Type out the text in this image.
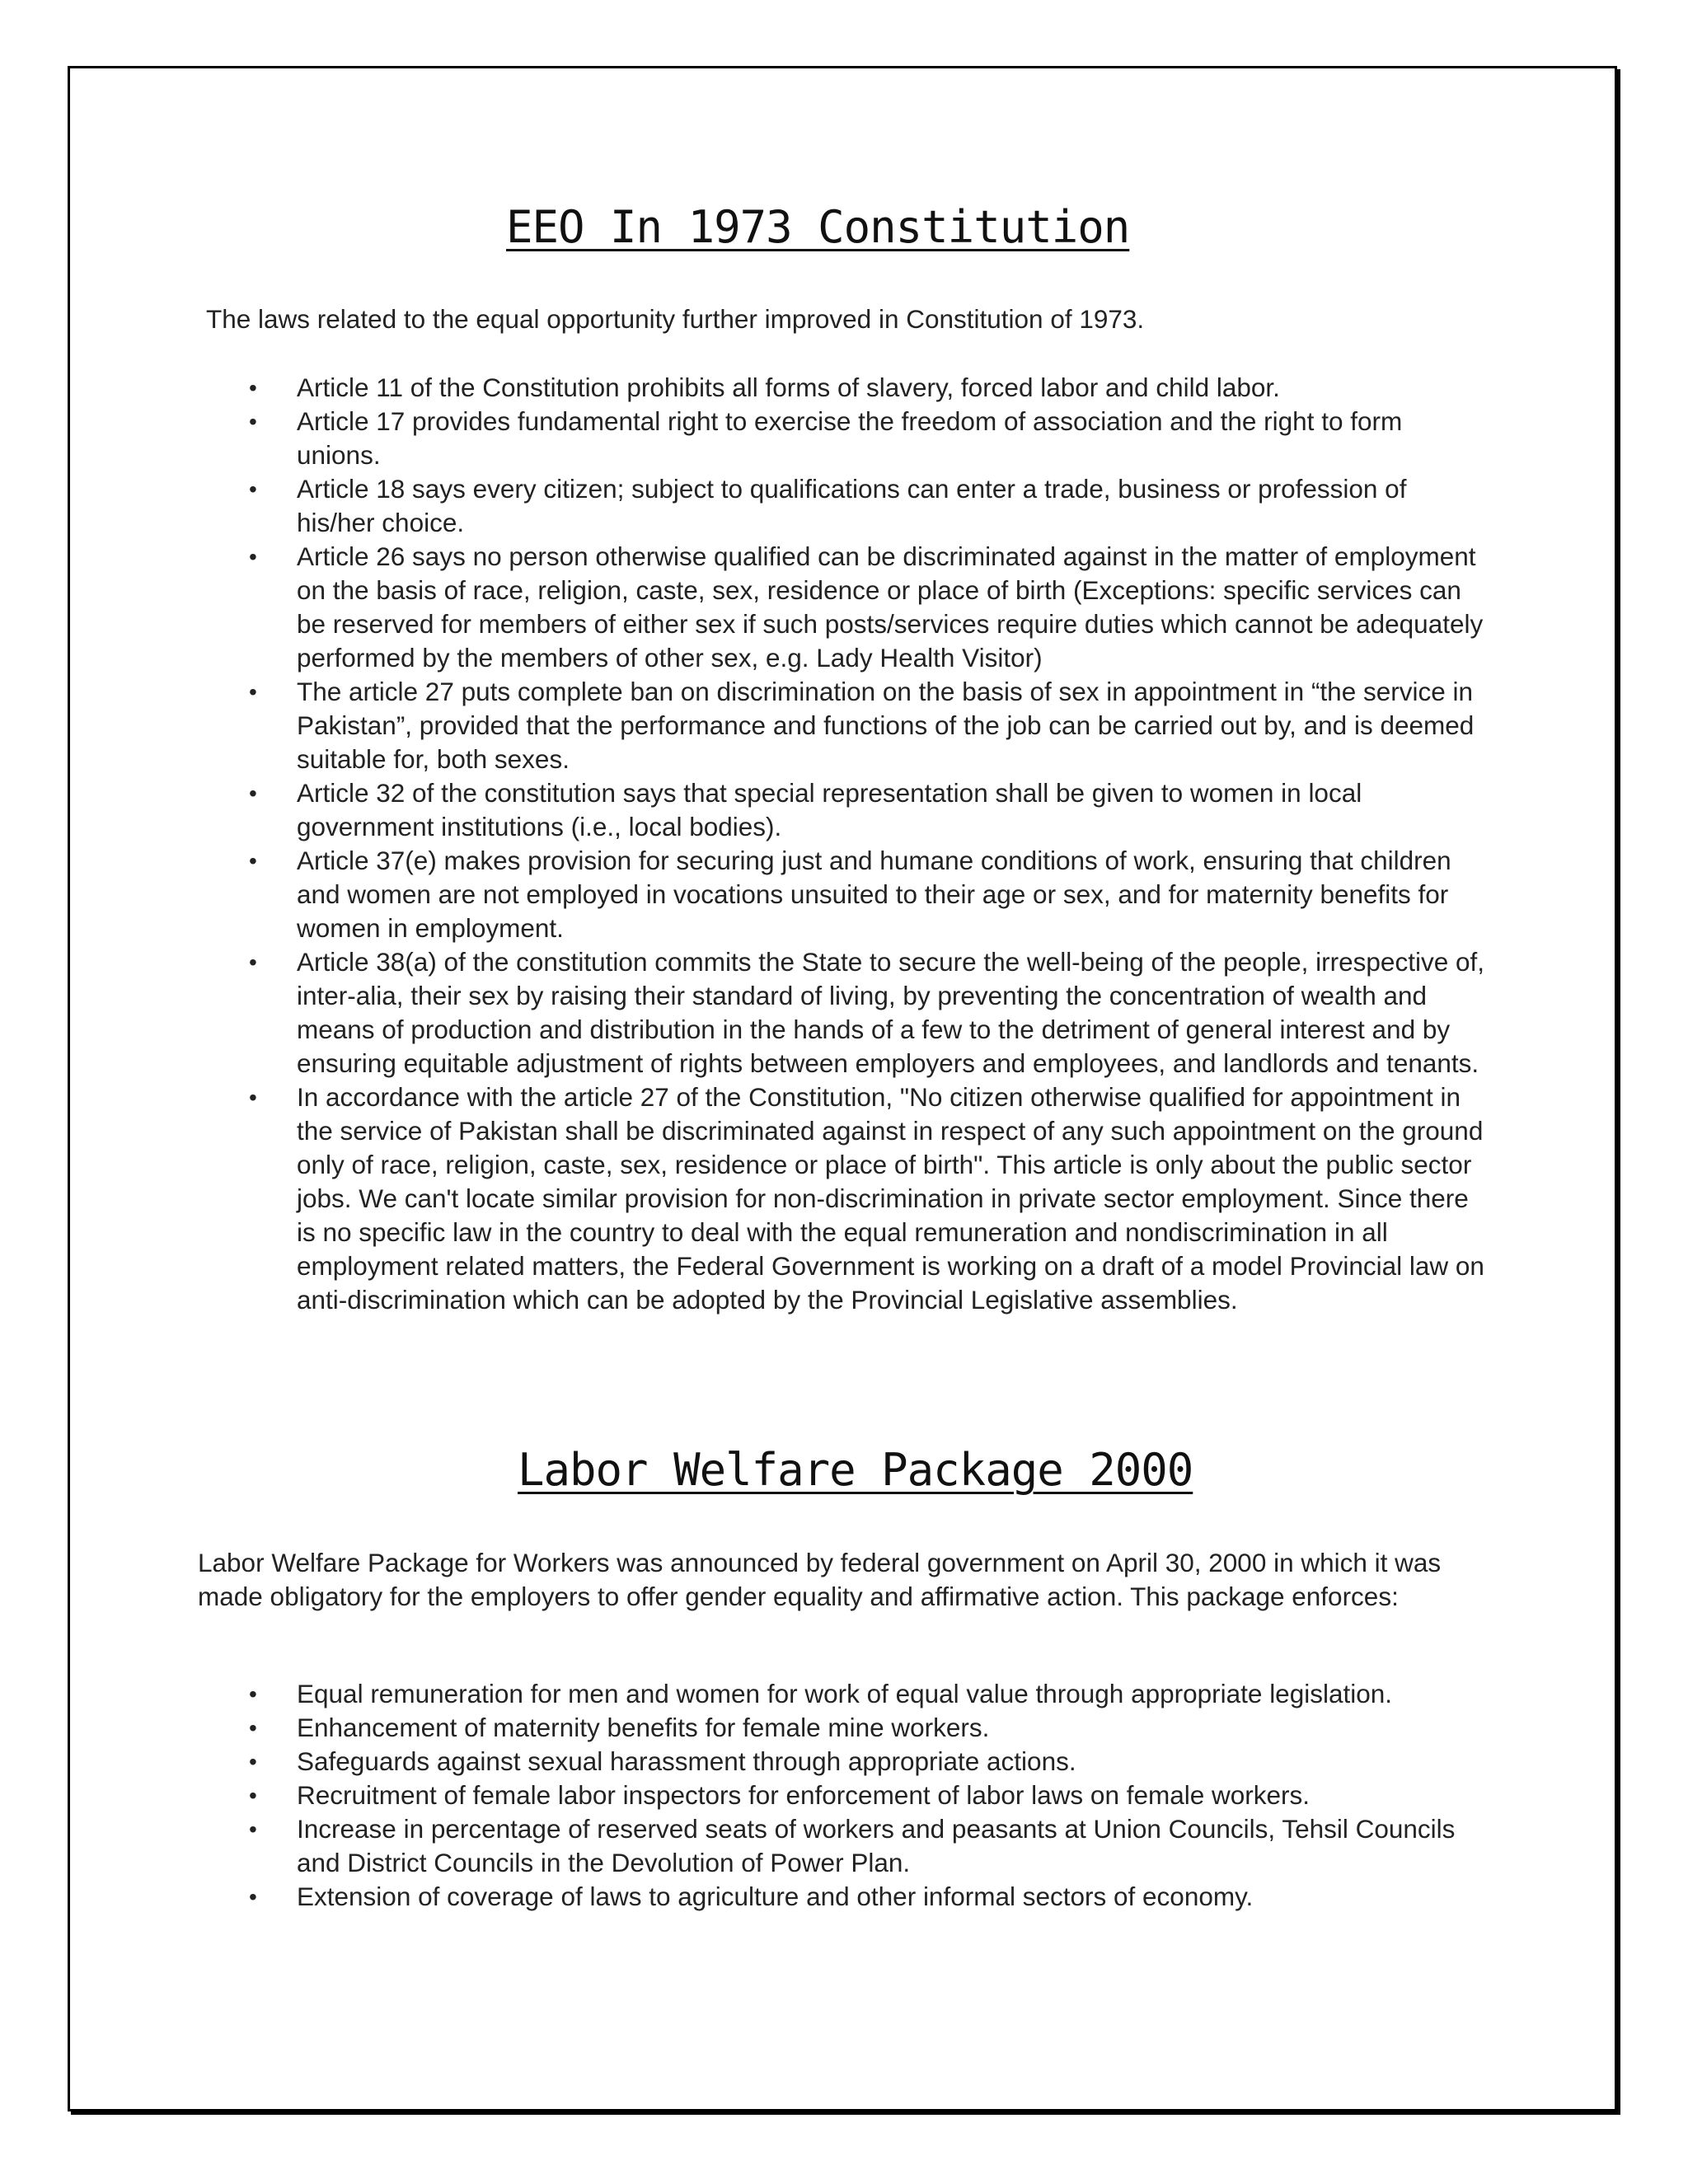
EEO In 1973 Constitution

The laws related to the equal opportunity further improved in Constitution of 1973.

• Article 11 of the Constitution prohibits all forms of slavery, forced labor and child labor.
• Article 17 provides fundamental right to exercise the freedom of association and the right to form unions.
• Article 18 says every citizen; subject to qualifications can enter a trade, business or profession of his/her choice.
• Article 26 says no person otherwise qualified can be discriminated against in the matter of employment on the basis of race, religion, caste, sex, residence or place of birth (Exceptions: specific services can be reserved for members of either sex if such posts/services require duties which cannot be adequately performed by the members of other sex, e.g. Lady Health Visitor)
• The article 27 puts complete ban on discrimination on the basis of sex in appointment in “the service in Pakistan”, provided that the performance and functions of the job can be carried out by, and is deemed suitable for, both sexes.
• Article 32 of the constitution says that special representation shall be given to women in local government institutions (i.e., local bodies).
• Article 37(e) makes provision for securing just and humane conditions of work, ensuring that children and women are not employed in vocations unsuited to their age or sex, and for maternity benefits for women in employment.
• Article 38(a) of the constitution commits the State to secure the well-being of the people, irrespective of, inter-alia, their sex by raising their standard of living, by preventing the concentration of wealth and means of production and distribution in the hands of a few to the detriment of general interest and by ensuring equitable adjustment of rights between employers and employees, and landlords and tenants.
• In accordance with the article 27 of the Constitution, "No citizen otherwise qualified for appointment in the service of Pakistan shall be discriminated against in respect of any such appointment on the ground only of race, religion, caste, sex, residence or place of birth". This article is only about the public sector jobs. We can't locate similar provision for non-discrimination in private sector employment. Since there is no specific law in the country to deal with the equal remuneration and nondiscrimination in all employment related matters, the Federal Government is working on a draft of a model Provincial law on anti-discrimination which can be adopted by the Provincial Legislative assemblies.
Labor Welfare Package 2000

Labor Welfare Package for Workers was announced by federal government on April 30, 2000 in which it was made obligatory for the employers to offer gender equality and affirmative action. This package enforces:

• Equal remuneration for men and women for work of equal value through appropriate legislation.
• Enhancement of maternity benefits for female mine workers.
• Safeguards against sexual harassment through appropriate actions.
• Recruitment of female labor inspectors for enforcement of labor laws on female workers.
• Increase in percentage of reserved seats of workers and peasants at Union Councils, Tehsil Councils and District Councils in the Devolution of Power Plan.
• Extension of coverage of laws to agriculture and other informal sectors of economy.
